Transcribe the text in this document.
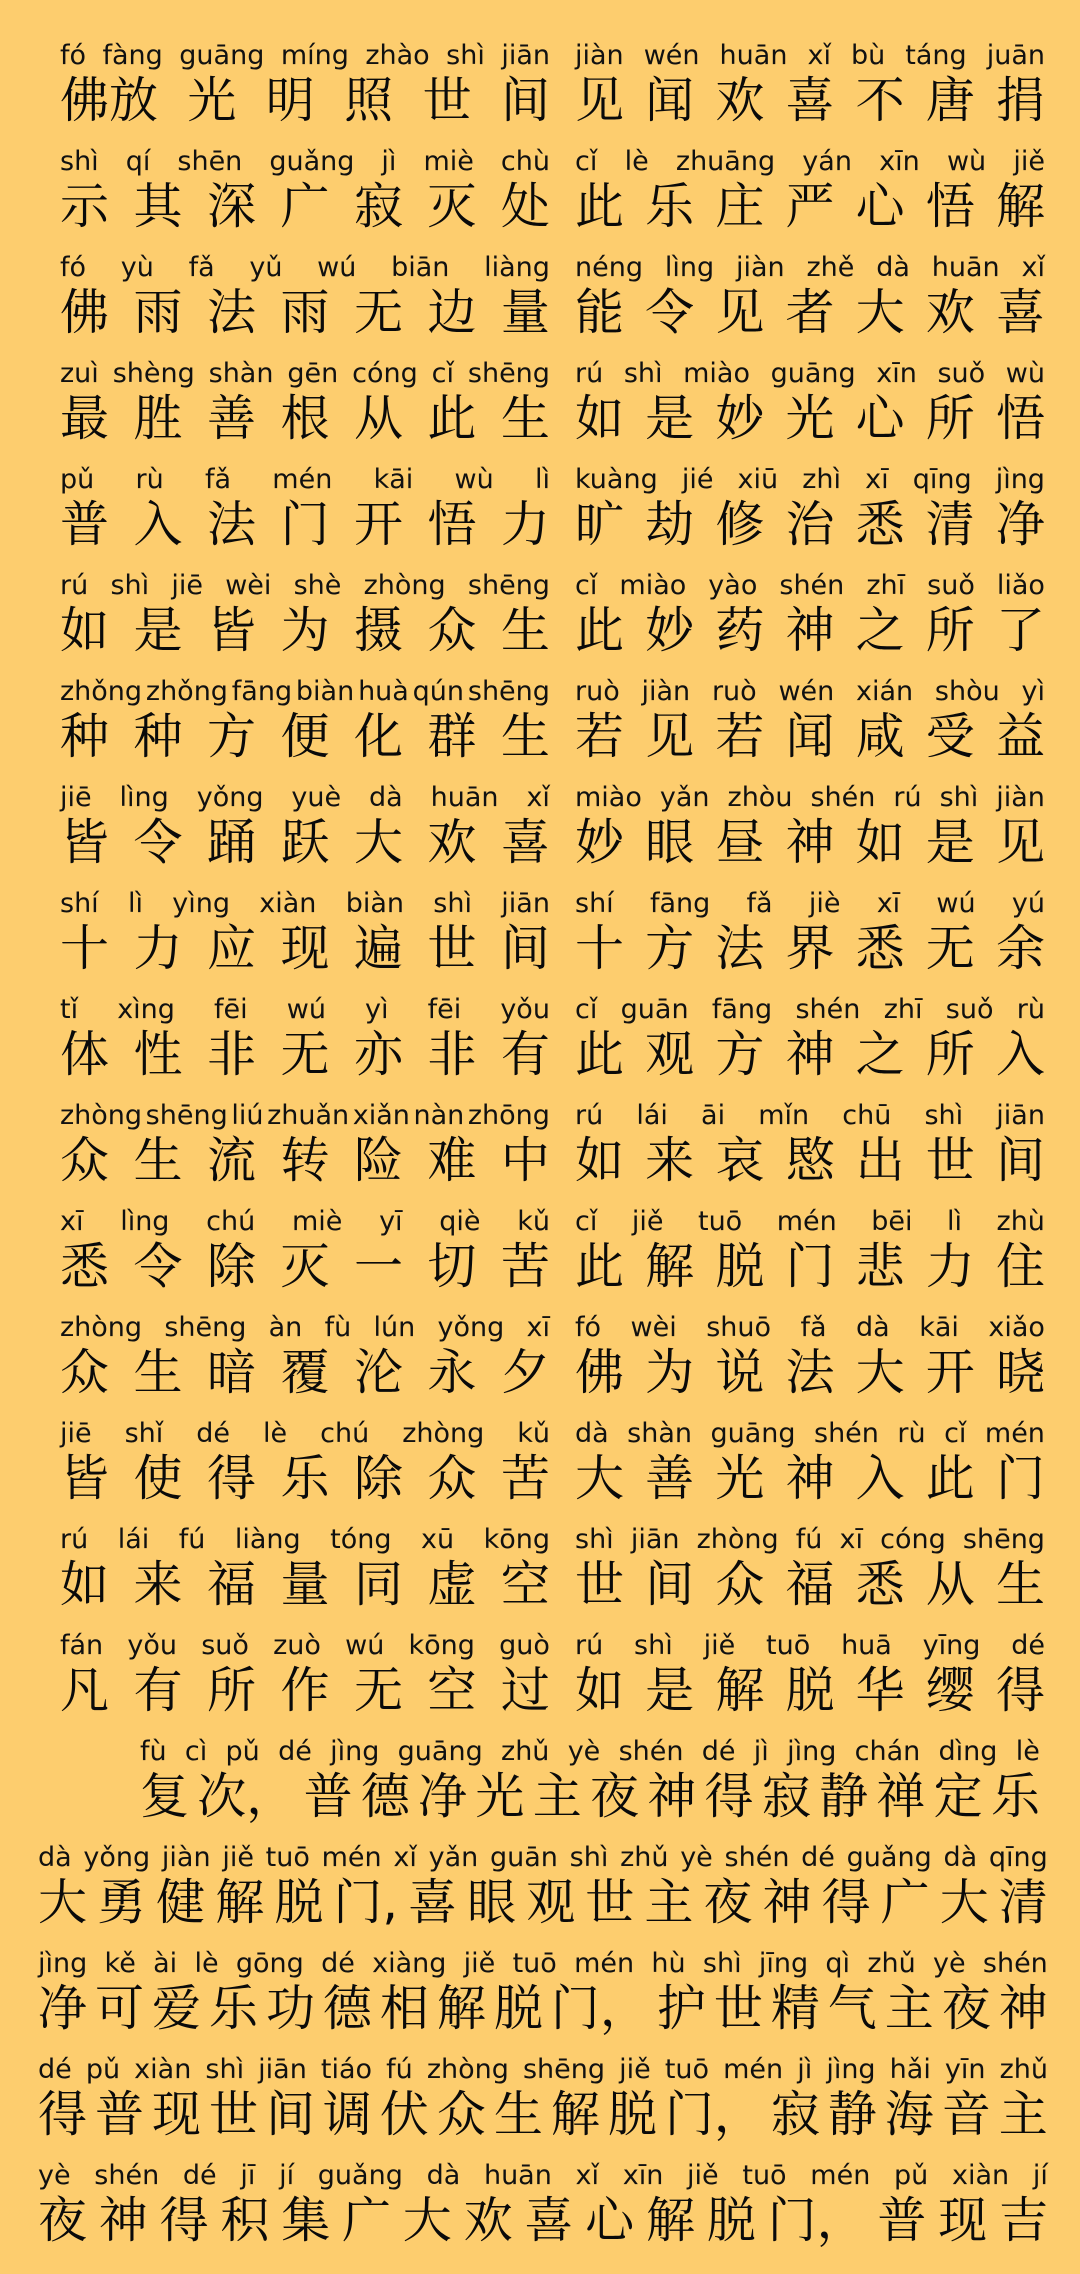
fó fàng guāng míng zhào shì jiān
佛放 光 明 照 世 间
jiàn wén huān xǐ bù táng juān
见 闻 欢 喜 不 唐 捐
shì qí shēn guǎng jì miè chù
示 其 深 广 寂 灭 处
cǐ lè zhuāng yán xīn wù jiě
此 乐 庄 严 心 悟 解
fó yù fǎ yǔ wú biān liàng
佛 雨 法 雨 无 边 量
néng lìng jiàn zhě dà huān xǐ
能 令 见 者 大 欢 喜
zuì shèng shàn gēn cóng cǐ shēng
最 胜 善 根 从 此 生
rú shì miào guāng xīn suǒ wù
如 是 妙 光 心 所 悟
pǔ rù fǎ mén kāi wù lì
普 入 法 门 开 悟 力
kuàng jié xiū zhì xī qīng jìng
旷 劫 修 治 悉 清 净
rú shì jiē wèi shè zhòng shēng
如 是 皆 为 摄 众 生
cǐ miào yào shén zhī suǒ liǎo
此 妙 药 神 之 所 了
zhǒng zhǒng fāng biàn huà qún shēng
种 种 方 便 化 群 生
ruò jiàn ruò wén xián shòu yì
若 见 若 闻 咸 受 益
jiē lìng yǒng yuè dà huān xǐ
皆 令 踊 跃 大 欢 喜
miào yǎn zhòu shén rú shì jiàn
妙 眼 昼 神 如 是 见
shí lì yìng xiàn biàn shì jiān
十 力 应 现 遍 世 间
shí fāng fǎ jiè xī wú yú
十 方 法 界 悉 无 余
tǐ xìng fēi wú yì fēi yǒu
体 性 非 无 亦 非 有
cǐ guān fāng shén zhī suǒ rù
此 观 方 神 之 所 入
zhòng shēng liú zhuǎn xiǎn nàn zhōng
众 生 流 转 险 难 中
rú lái āi mǐn chū shì jiān
如 来 哀 愍 出 世 间
xī lìng chú miè yī qiè kǔ
悉 令 除 灭 一 切 苦
cǐ jiě tuō mén bēi lì zhù
此 解 脱 门 悲 力 住
zhòng shēng àn fù lún yǒng xī
众 生 暗 覆 沦 永 夕
fó wèi shuō fǎ dà kāi xiǎo
佛 为 说 法 大 开 晓
jiē shǐ dé lè chú zhòng kǔ
皆 使 得 乐 除 众 苦
dà shàn guāng shén rù cǐ mén
大 善 光 神 入 此 门
rú lái fú liàng tóng xū kōng
如 来 福 量 同 虚 空
shì jiān zhòng fú xī cóng shēng
世 间 众 福 悉 从 生
fán yǒu suǒ zuò wú kōng guò
凡 有 所 作 无 空 过
rú shì jiě tuō huā yīng dé
如 是 解 脱 华 缨 得
fù cì pǔ dé jìng guāng zhǔ yè shén dé jì jìng chán dìng lè
复 次， 普 德 净 光 主 夜 神 得 寂 静 禅 定 乐
dà yǒng jiàn jiě tuō mén xǐ yǎn guān shì zhǔ yè shén dé guǎng dà qīng
大 勇 健 解 脱 门, 喜 眼 观 世 主 夜 神 得 广 大 清
jìng kě ài lè gōng dé xiàng jiě tuō mén hù shì jīng qì zhǔ yè shén
净 可 爱 乐 功 德 相 解 脱 门， 护 世 精 气 主 夜 神
dé pǔ xiàn shì jiān tiáo fú zhòng shēng jiě tuō mén jì jìng hǎi yīn zhǔ
得 普 现 世 间 调 伏 众 生 解 脱 门， 寂 静 海 音 主
yè shén dé jī jí guǎng dà huān xǐ xīn jiě tuō mén pǔ xiàn jí
夜 神 得 积 集 广 大 欢 喜 心 解 脱 门， 普 现 吉
